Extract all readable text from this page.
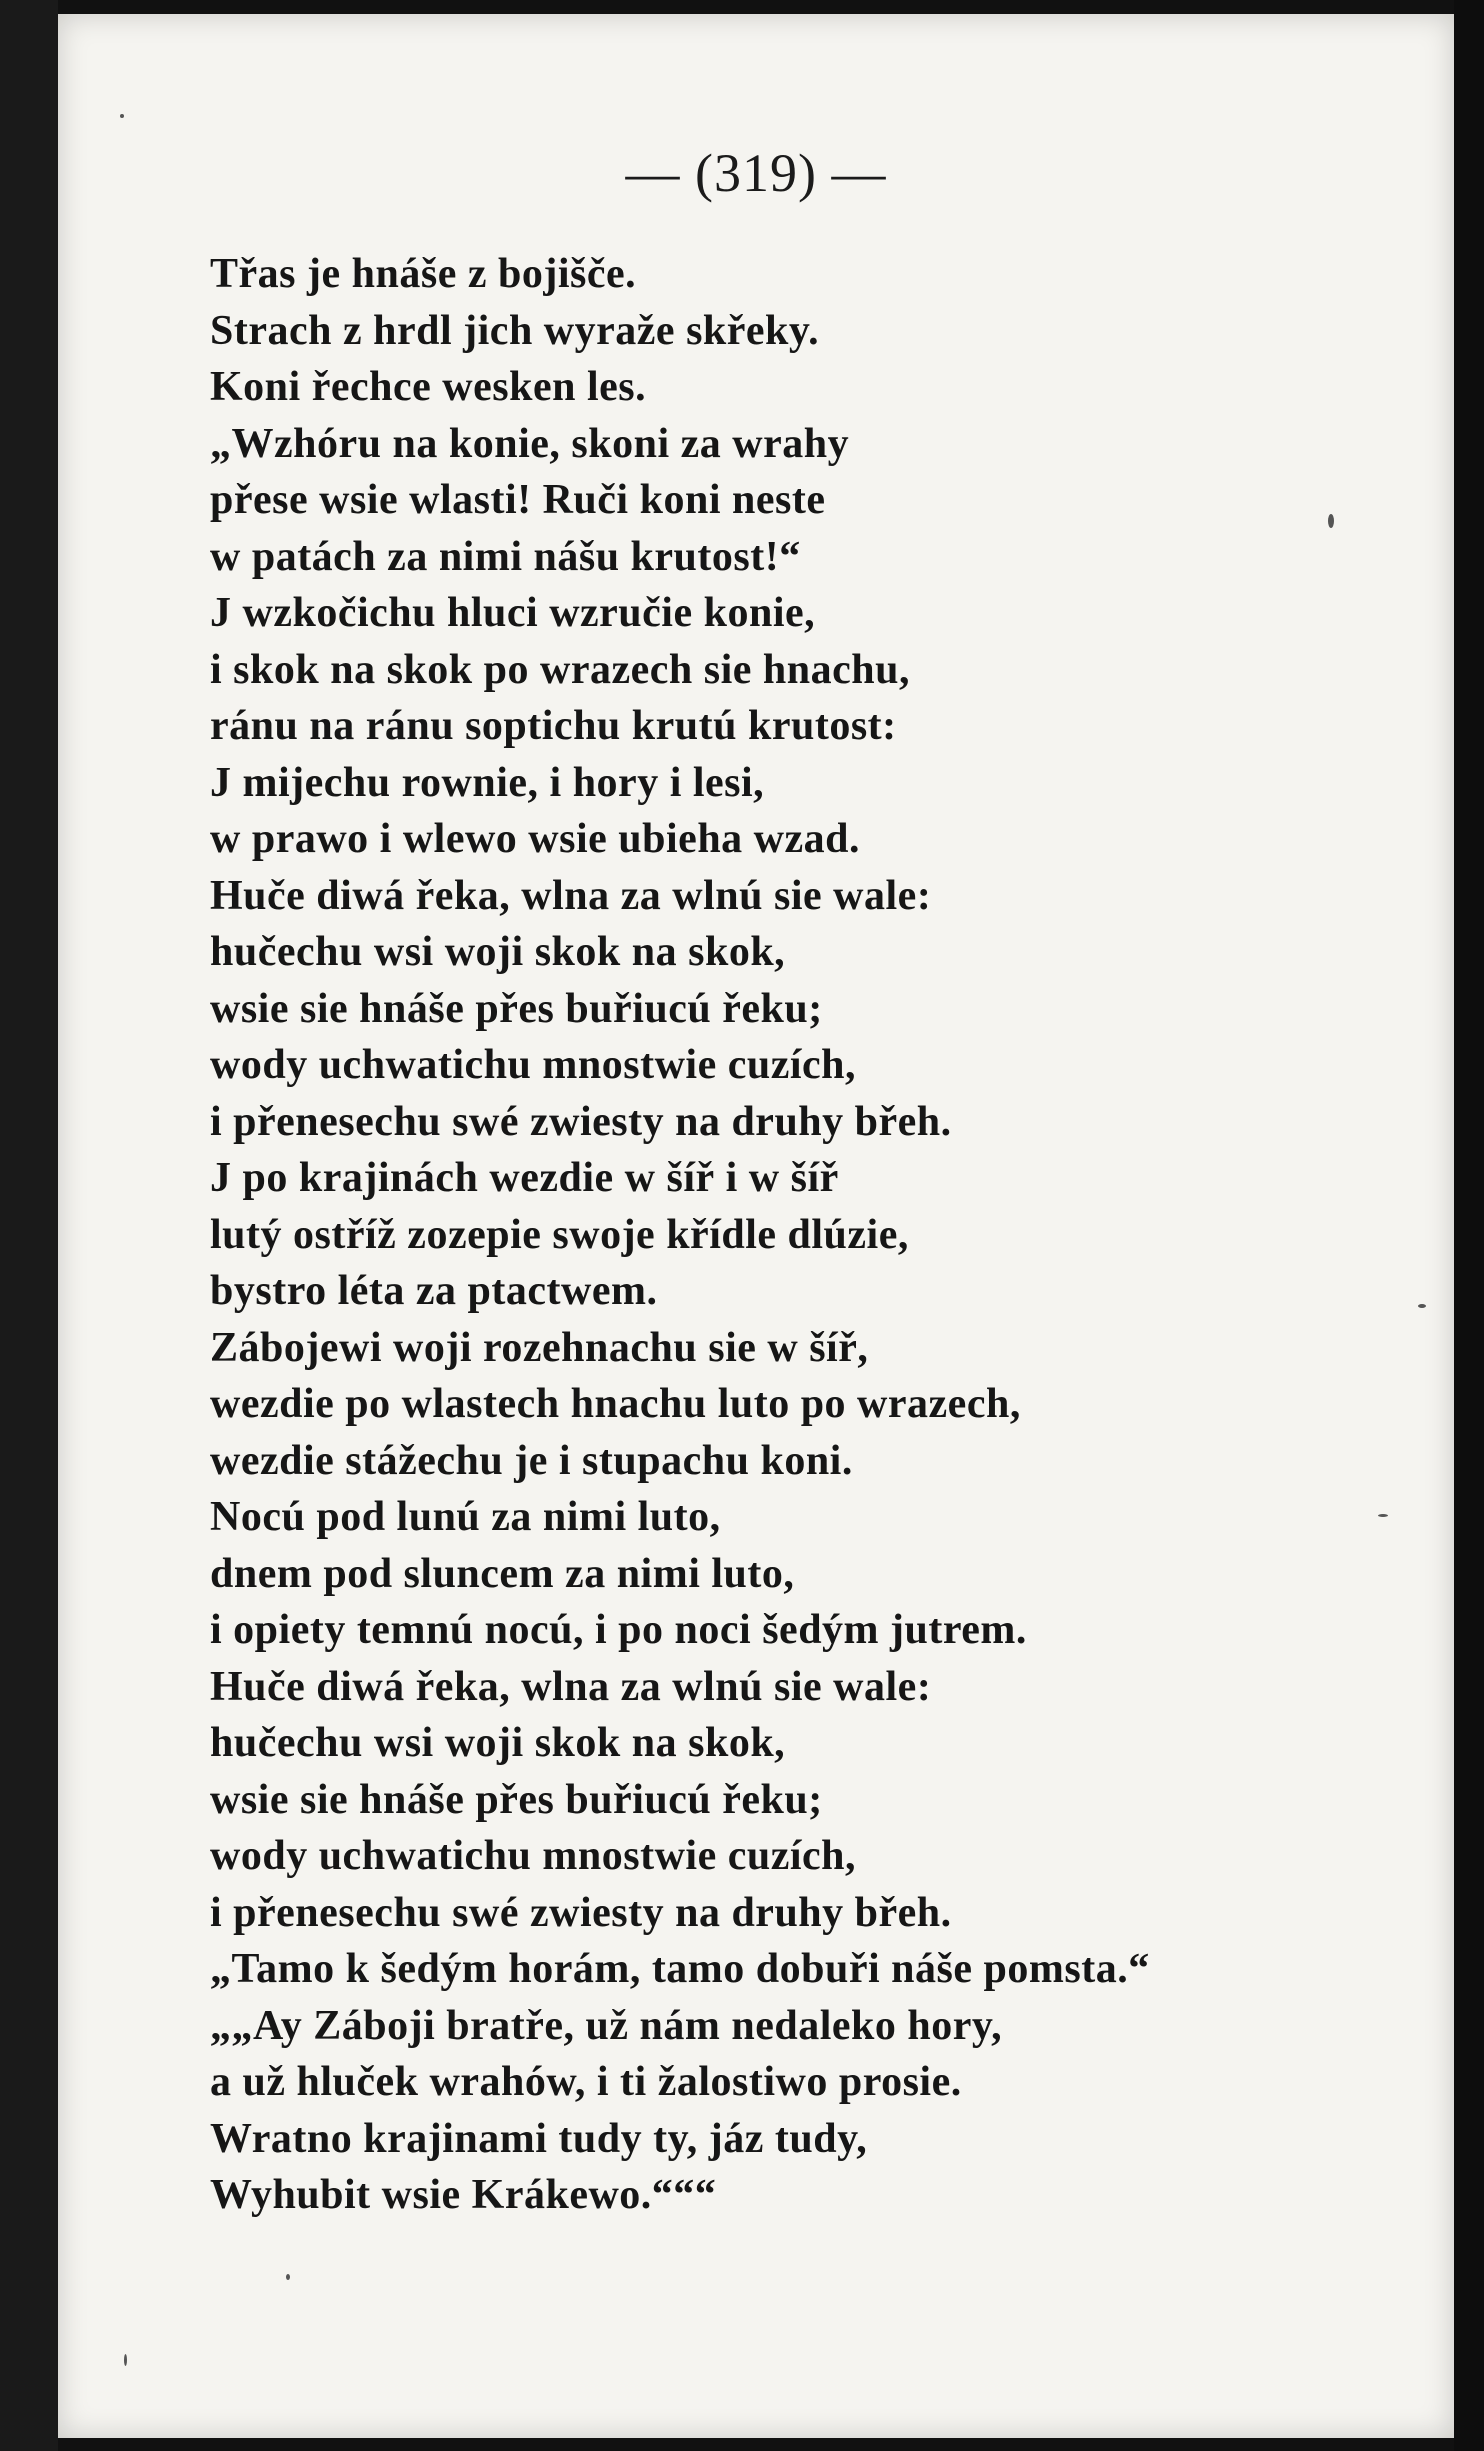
— (319) —
Třas je hnáše z bojišče.
Strach z hrdl jich wyraže skřeky.
Koni řechce wesken les.
„Wzhóru na konie, skoni za wrahy
přese wsie wlasti! Ruči koni neste
w patách za nimi nášu krutost!“
J wzkočichu hluci wzručie konie,
i skok na skok po wrazech sie hnachu,
ránu na ránu soptichu krutú krutost:
J mijechu rownie, i hory i lesi,
w prawo i wlewo wsie ubieha wzad.
Huče diwá řeka, wlna za wlnú sie wale:
hučechu wsi woji skok na skok,
wsie sie hnáše přes buřiucú řeku;
wody uchwatichu mnostwie cuzích,
i přenesechu swé zwiesty na druhy břeh.
J po krajinách wezdie w šíř i w šíř
lutý ostříž zozepie swoje křídle dlúzie,
bystro léta za ptactwem.
Zábojewi woji rozehnachu sie w šíř,
wezdie po wlastech hnachu luto po wrazech,
wezdie stážechu je i stupachu koni.
Nocú pod lunú za nimi luto,
dnem pod sluncem za nimi luto,
i opiety temnú nocú, i po noci šedým jutrem.
Huče diwá řeka, wlna za wlnú sie wale:
hučechu wsi woji skok na skok,
wsie sie hnáše přes buřiucú řeku;
wody uchwatichu mnostwie cuzích,
i přenesechu swé zwiesty na druhy břeh.
„Tamo k šedým horám, tamo dobuři náše pomsta.“
„„Ay Záboji bratře, už nám nedaleko hory,
a už hluček wrahów, i ti žalostiwo prosie.
Wratno krajinami tudy ty, jáz tudy,
Wyhubit wsie Krákewo.“““
